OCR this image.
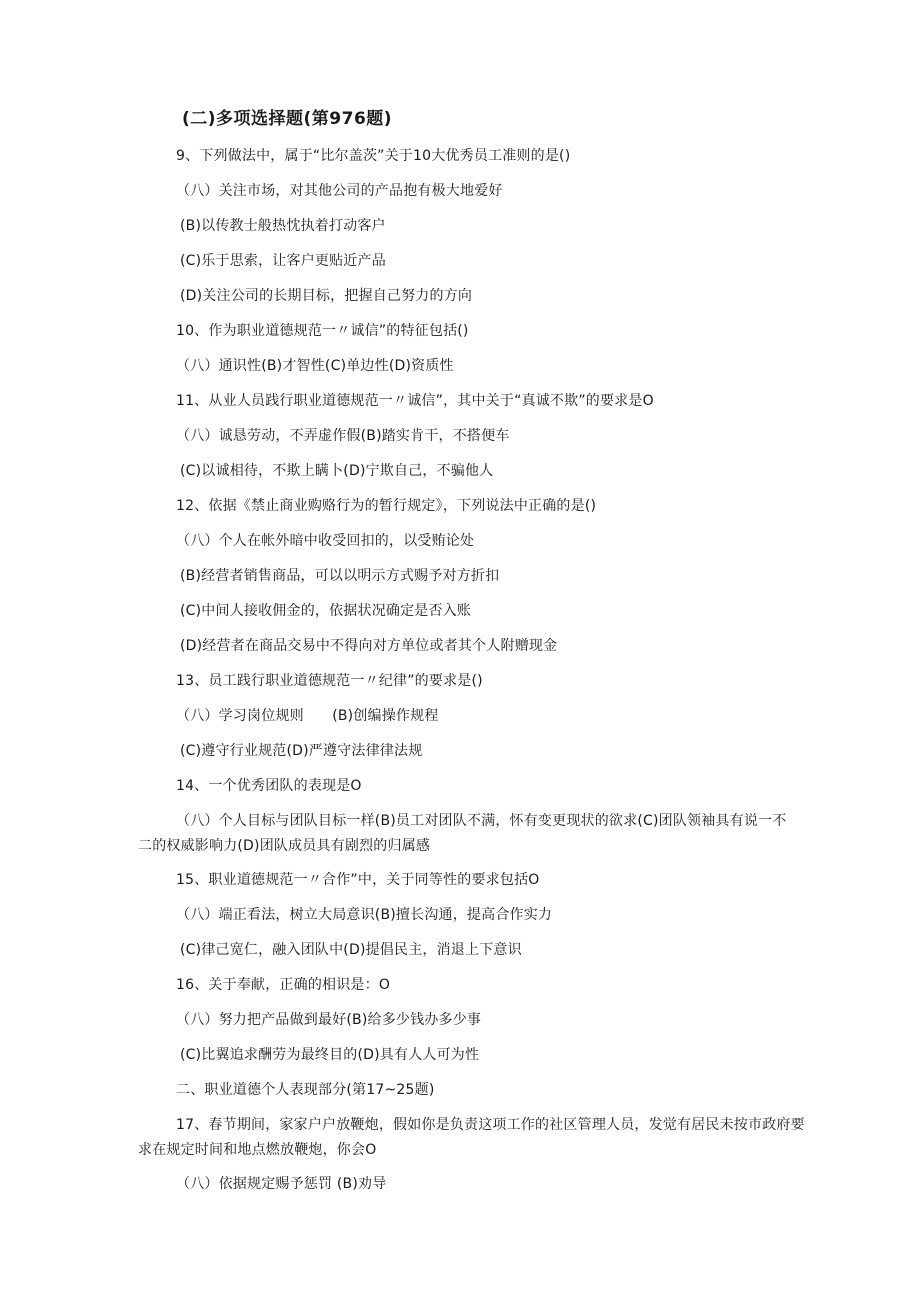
(二)多项选择题(第976题)
9、下列做法中，属于“比尔盖茨”关于10大优秀员工准则的是()
（八）关注市场，对其他公司的产品抱有极大地爱好
(B)以传教士般热忱执着打动客户
(C)乐于思索，让客户更贴近产品
(D)关注公司的长期目标，把握自己努力的方向
10、作为职业道德规范一〃诚信”的特征包括()
（八）通识性(B)才智性(C)单边性(D)资质性
11、从业人员践行职业道德规范一〃诚信”，其中关于“真诚不欺”的要求是O
（八）诚恳劳动，不弄虚作假(B)踏实肯干，不搭便车
(C)以诚相待，不欺上瞒卜(D)宁欺自己，不骗他人
12、依据《禁止商业购赂行为的暂行规定》，下列说法中正确的是()
（八）个人在帐外暗中收受回扣的，以受贿论处
(B)经营者销售商品，可以以明示方式赐予对方折扣
(C)中间人接收佣金的，依据状况确定是否入账
(D)经营者在商品交易中不得向对方单位或者其个人附赠现金
13、员工践行职业道德规范一〃纪律”的要求是()
（八）学习岗位规则　　(B)创编操作规程
(C)遵守行业规范(D)严遵守法律律法规
14、一个优秀团队的表现是O
（八）个人目标与团队目标一样(B)员工对团队不满，怀有变更现状的欲求(C)团队领袖具有说一不
二的权威影响力(D)团队成员具有剧烈的归属感
15、职业道德规范一〃合作”中，关于同等性的要求包括O
（八）端正看法，树立大局意识(B)擅长沟通，提高合作实力
(C)律己宽仁，融入团队中(D)提倡民主，消退上下意识
16、关于奉献，正确的相识是：O
（八）努力把产品做到最好(B)给多少钱办多少事
(C)比翼追求酬劳为最终目的(D)具有人人可为性
二、职业道德个人表现部分(第17~25题)
17、春节期间，家家户户放鞭炮，假如你是负责这项工作的社区管理人员，发觉有居民未按市政府要
求在规定时间和地点燃放鞭炮，你会O
（八）依据规定赐予惩罚 (B)劝导
